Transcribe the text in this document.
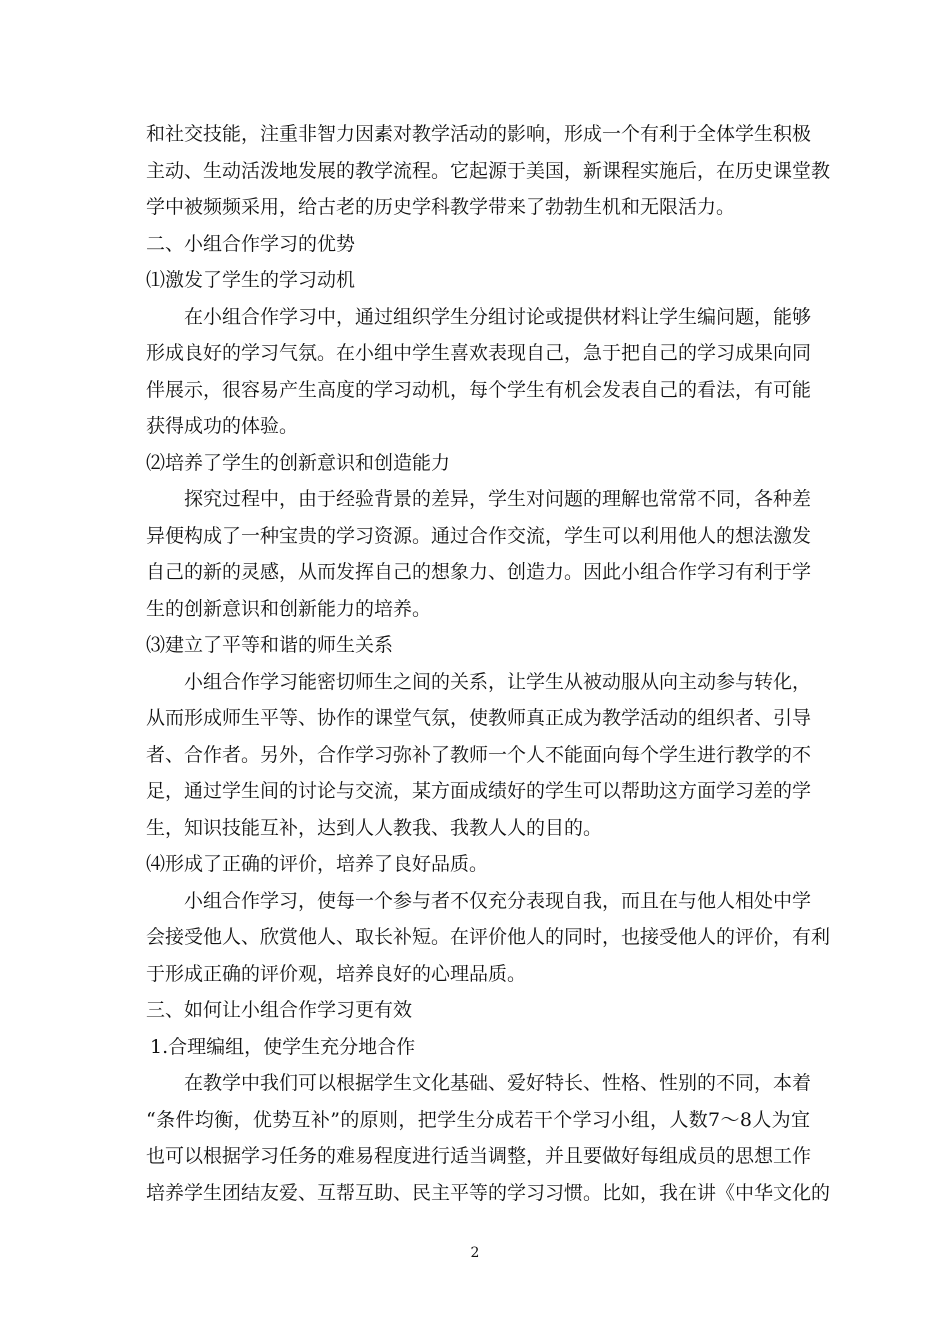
和社交技能，注重非智力因素对教学活动的影响，形成一个有利于全体学生积极
主动、生动活泼地发展的教学流程。它起源于美国，新课程实施后，在历史课堂教
学中被频频采用，给古老的历史学科教学带来了勃勃生机和无限活力。
二、小组合作学习的优势
⑴激发了学生的学习动机
在小组合作学习中，通过组织学生分组讨论或提供材料让学生编问题，能够
形成良好的学习气氛。在小组中学生喜欢表现自己，急于把自己的学习成果向同
伴展示，很容易产生高度的学习动机，每个学生有机会发表自己的看法，有可能
获得成功的体验。
⑵培养了学生的创新意识和创造能力
探究过程中，由于经验背景的差异，学生对问题的理解也常常不同，各种差
异便构成了一种宝贵的学习资源。通过合作交流，学生可以利用他人的想法激发
自己的新的灵感，从而发挥自己的想象力、创造力。因此小组合作学习有利于学
生的创新意识和创新能力的培养。
⑶建立了平等和谐的师生关系
小组合作学习能密切师生之间的关系，让学生从被动服从向主动参与转化，
从而形成师生平等、协作的课堂气氛，使教师真正成为教学活动的组织者、引导
者、合作者。另外，合作学习弥补了教师一个人不能面向每个学生进行教学的不
足，通过学生间的讨论与交流，某方面成绩好的学生可以帮助这方面学习差的学
生，知识技能互补，达到人人教我、我教人人的目的。
⑷形成了正确的评价，培养了良好品质。
小组合作学习，使每一个参与者不仅充分表现自我，而且在与他人相处中学
会接受他人、欣赏他人、取长补短。在评价他人的同时，也接受他人的评价，有利
于形成正确的评价观，培养良好的心理品质。
三、如何让小组合作学习更有效
1.合理编组，使学生充分地合作
在教学中我们可以根据学生文化基础、爱好特长、性格、性别的不同，本着
“条件均衡，优势互补”的原则，把学生分成若干个学习小组，人数7～8人为宜
也可以根据学习任务的难易程度进行适当调整，并且要做好每组成员的思想工作
培养学生团结友爱、互帮互助、民主平等的学习习惯。比如，我在讲《中华文化的
2
